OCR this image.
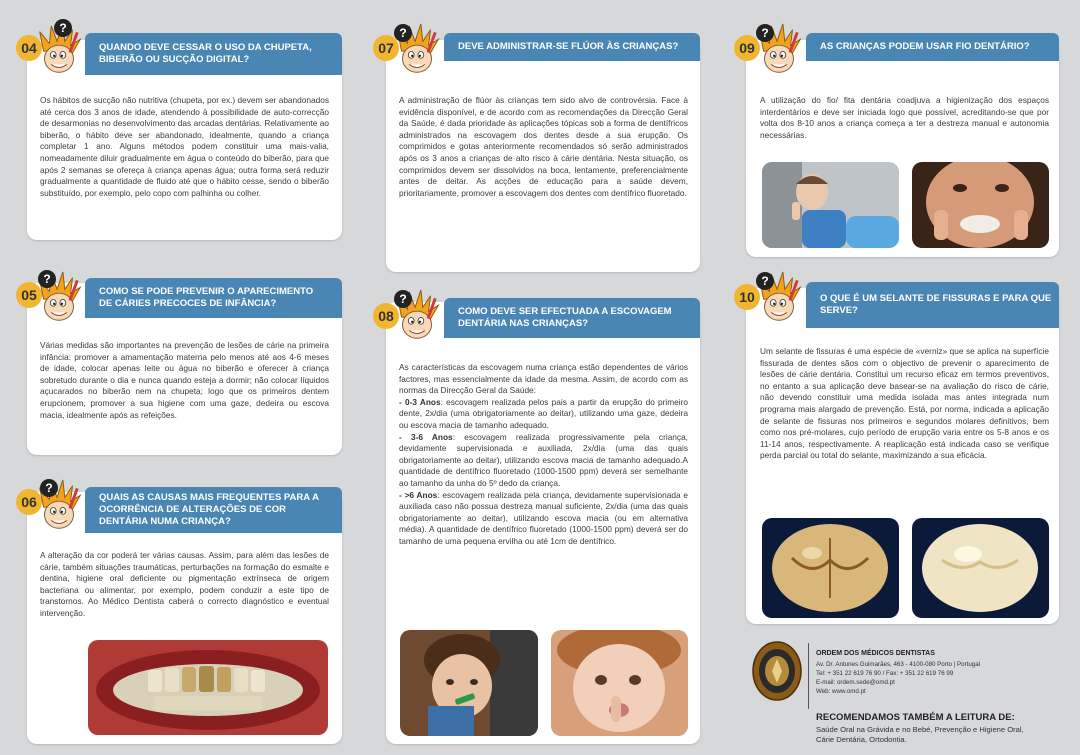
QUANDO DEVE CESSAR O USO DA CHUPETA,
BIBERÃO OU SUCÇÃO DIGITAL?
04
?

Os hábitos de sucção não nutritiva (chupeta, por ex.) devem ser abandonados até cerca dos 3 anos de idade, atendendo à possibilidade de auto-correcção de desarmonias no desenvolvimento das arcadas dentárias. Relativamente ao biberão, o hábito deve ser abandonado, idealmente, quando a criança completar 1 ano. Alguns métodos podem constituir uma mais-valia, nomeadamente diluir gradualmente em água o conteúdo do biberão, para que após 2 semanas se ofereça à criança apenas água; outra forma será reduzir gradualmente a quantidade de fluido até que o hábito cesse, sendo o biberão substituído, por exemplo, pelo copo com palhinha ou colher.

COMO SE PODE PREVENIR O APARECIMENTO
DE CÁRIES PRECOCES DE INFÂNCIA?
05
?

Várias medidas são importantes na prevenção de lesões de cárie na primeira infância: promover a amamentação materna pelo menos até aos 4-6 meses de idade, colocar apenas leite ou água no biberão e oferecer à criança sobretudo durante o dia e nunca quando esteja a dormir; não colocar líquidos açucarados no biberão nem na chupeta; logo que os primeiros dentem erupcionem, promover a sua higiene com uma gaze, dedeira ou escova macia, idealmente após as refeições.

QUAIS AS CAUSAS MAIS FREQUENTES PARA A
OCORRÊNCIA DE ALTERAÇÕES DE COR
DENTÁRIA NUMA CRIANÇA?
06
?

A alteração da cor poderá ter várias causas. Assim, para além das lesões de cárie, também situações traumáticas, perturbações na formação do esmalte e dentina, higiene oral deficiente ou pigmentação extrínseca de origem bacteriana ou alimentar, por exemplo, podem conduzir a este tipo de transtornos. Ao Médico Dentista caberá o correcto diagnóstico e eventual intervenção.

DEVE ADMINISTRAR-SE FLÚOR ÀS CRIANÇAS?
07
?

A administração de flúor às crianças tem sido alvo de controvérsia. Face à evidência disponível, e de acordo com as recomendações da Direcção Geral da Saúde, é dada prioridade às aplicações tópicas sob a forma de dentífricos administrados na escovagem dos dentes desde a sua erupção. Os comprimidos e gotas anteriormente recomendados só serão administrados após os 3 anos a crianças de alto risco à cárie dentária. Nesta situação, os comprimidos devem ser dissolvidos na boca, lentamente, preferencialmente antes de deitar. As acções de educação para a saúde devem, prioritariamente, promover a escovagem dos dentes com dentífrico fluoretado.

COMO DEVE SER EFECTUADA A ESCOVAGEM
DENTÁRIA NAS CRIANÇAS?
08
?

As características da escovagem numa criança estão dependentes de vários factores, mas essencialmente da idade da mesma. Assim, de acordo com as normas da Direcção Geral da Saúde:

- 0-3 Anos: escovagem realizada pelos pais a partir da erupção do primeiro dente, 2x/dia (uma obrigatoriamente ao deitar), utilizando uma gaze, dedeira ou escova macia de tamanho adequado.

- 3-6 Anos: escovagem realizada progressivamente pela criança, devidamente supervisionada e auxiliada, 2x/dia (uma das quais obrigatoriamente ao deitar), utilizando escova macia de tamanho adequado.A quantidade de dentífrico fluoretado (1000-1500 ppm) deverá ser semelhante ao tamanho da unha do 5º dedo da criança.

- >6 Anos: escovagem realizada pela criança, devidamente supervisionada e auxiliada caso não possua destreza manual suficiente, 2x/dia (uma das quais obrigatoriamente ao deitar), utilizando escova macia (ou em alternativa média). A quantidade de dentífrico fluoretado (1000-1500 ppm) deverá ser do tamanho de uma pequena ervilha ou até 1cm de dentífrico.

AS CRIANÇAS PODEM USAR FIO DENTÁRIO?
09
?

A utilização do fio/ fita dentária coadjuva a higienização dos espaços interdentários e deve ser iniciada logo que possível, acreditando-se que por volta dos 8-10 anos a criança começa a ter a destreza manual e autonomia necessárias.

O QUE É UM SELANTE DE FISSURAS E PARA QUE
SERVE?
10
?

Um selante de fissuras é uma espécie de «verniz» que se aplica na superfície fissurada de dentes sãos com o objectivo de prevenir o aparecimento de lesões de cárie dentária. Constitui um recurso eficaz em termos preventivos, no entanto a sua aplicação deve basear-se na avaliação do risco de cárie, não devendo constituir uma medida isolada mas antes integrada num programa mais alargado de prevenção. Está, por norma, indicada a aplicação de selante de fissuras nos primeiros e segundos molares definitivos, bem como nos pré-molares, cujo período de erupção varia entre os 5-8 anos e os 11-14 anos, respectivamente. A reaplicação está indicada caso se verifique perda parcial ou total do selante, maximizando a sua eficácia.

ORDEM DOS MÉDICOS DENTISTAS
Av. Dr. Antunes Guimarães, 463 - 4100-080 Porto | Portugal
Tel: + 351 22 619 76 90 / Fax: + 351 22 619 76 99
E-mail: ordem.sede@omd.pt
Web: www.omd.pt
RECOMENDAMOS TAMBÉM A LEITURA DE:
Saúde Oral na Grávida e no Bebé, Prevenção e Higiene Oral,
Cárie Dentária, Ortodontia.
